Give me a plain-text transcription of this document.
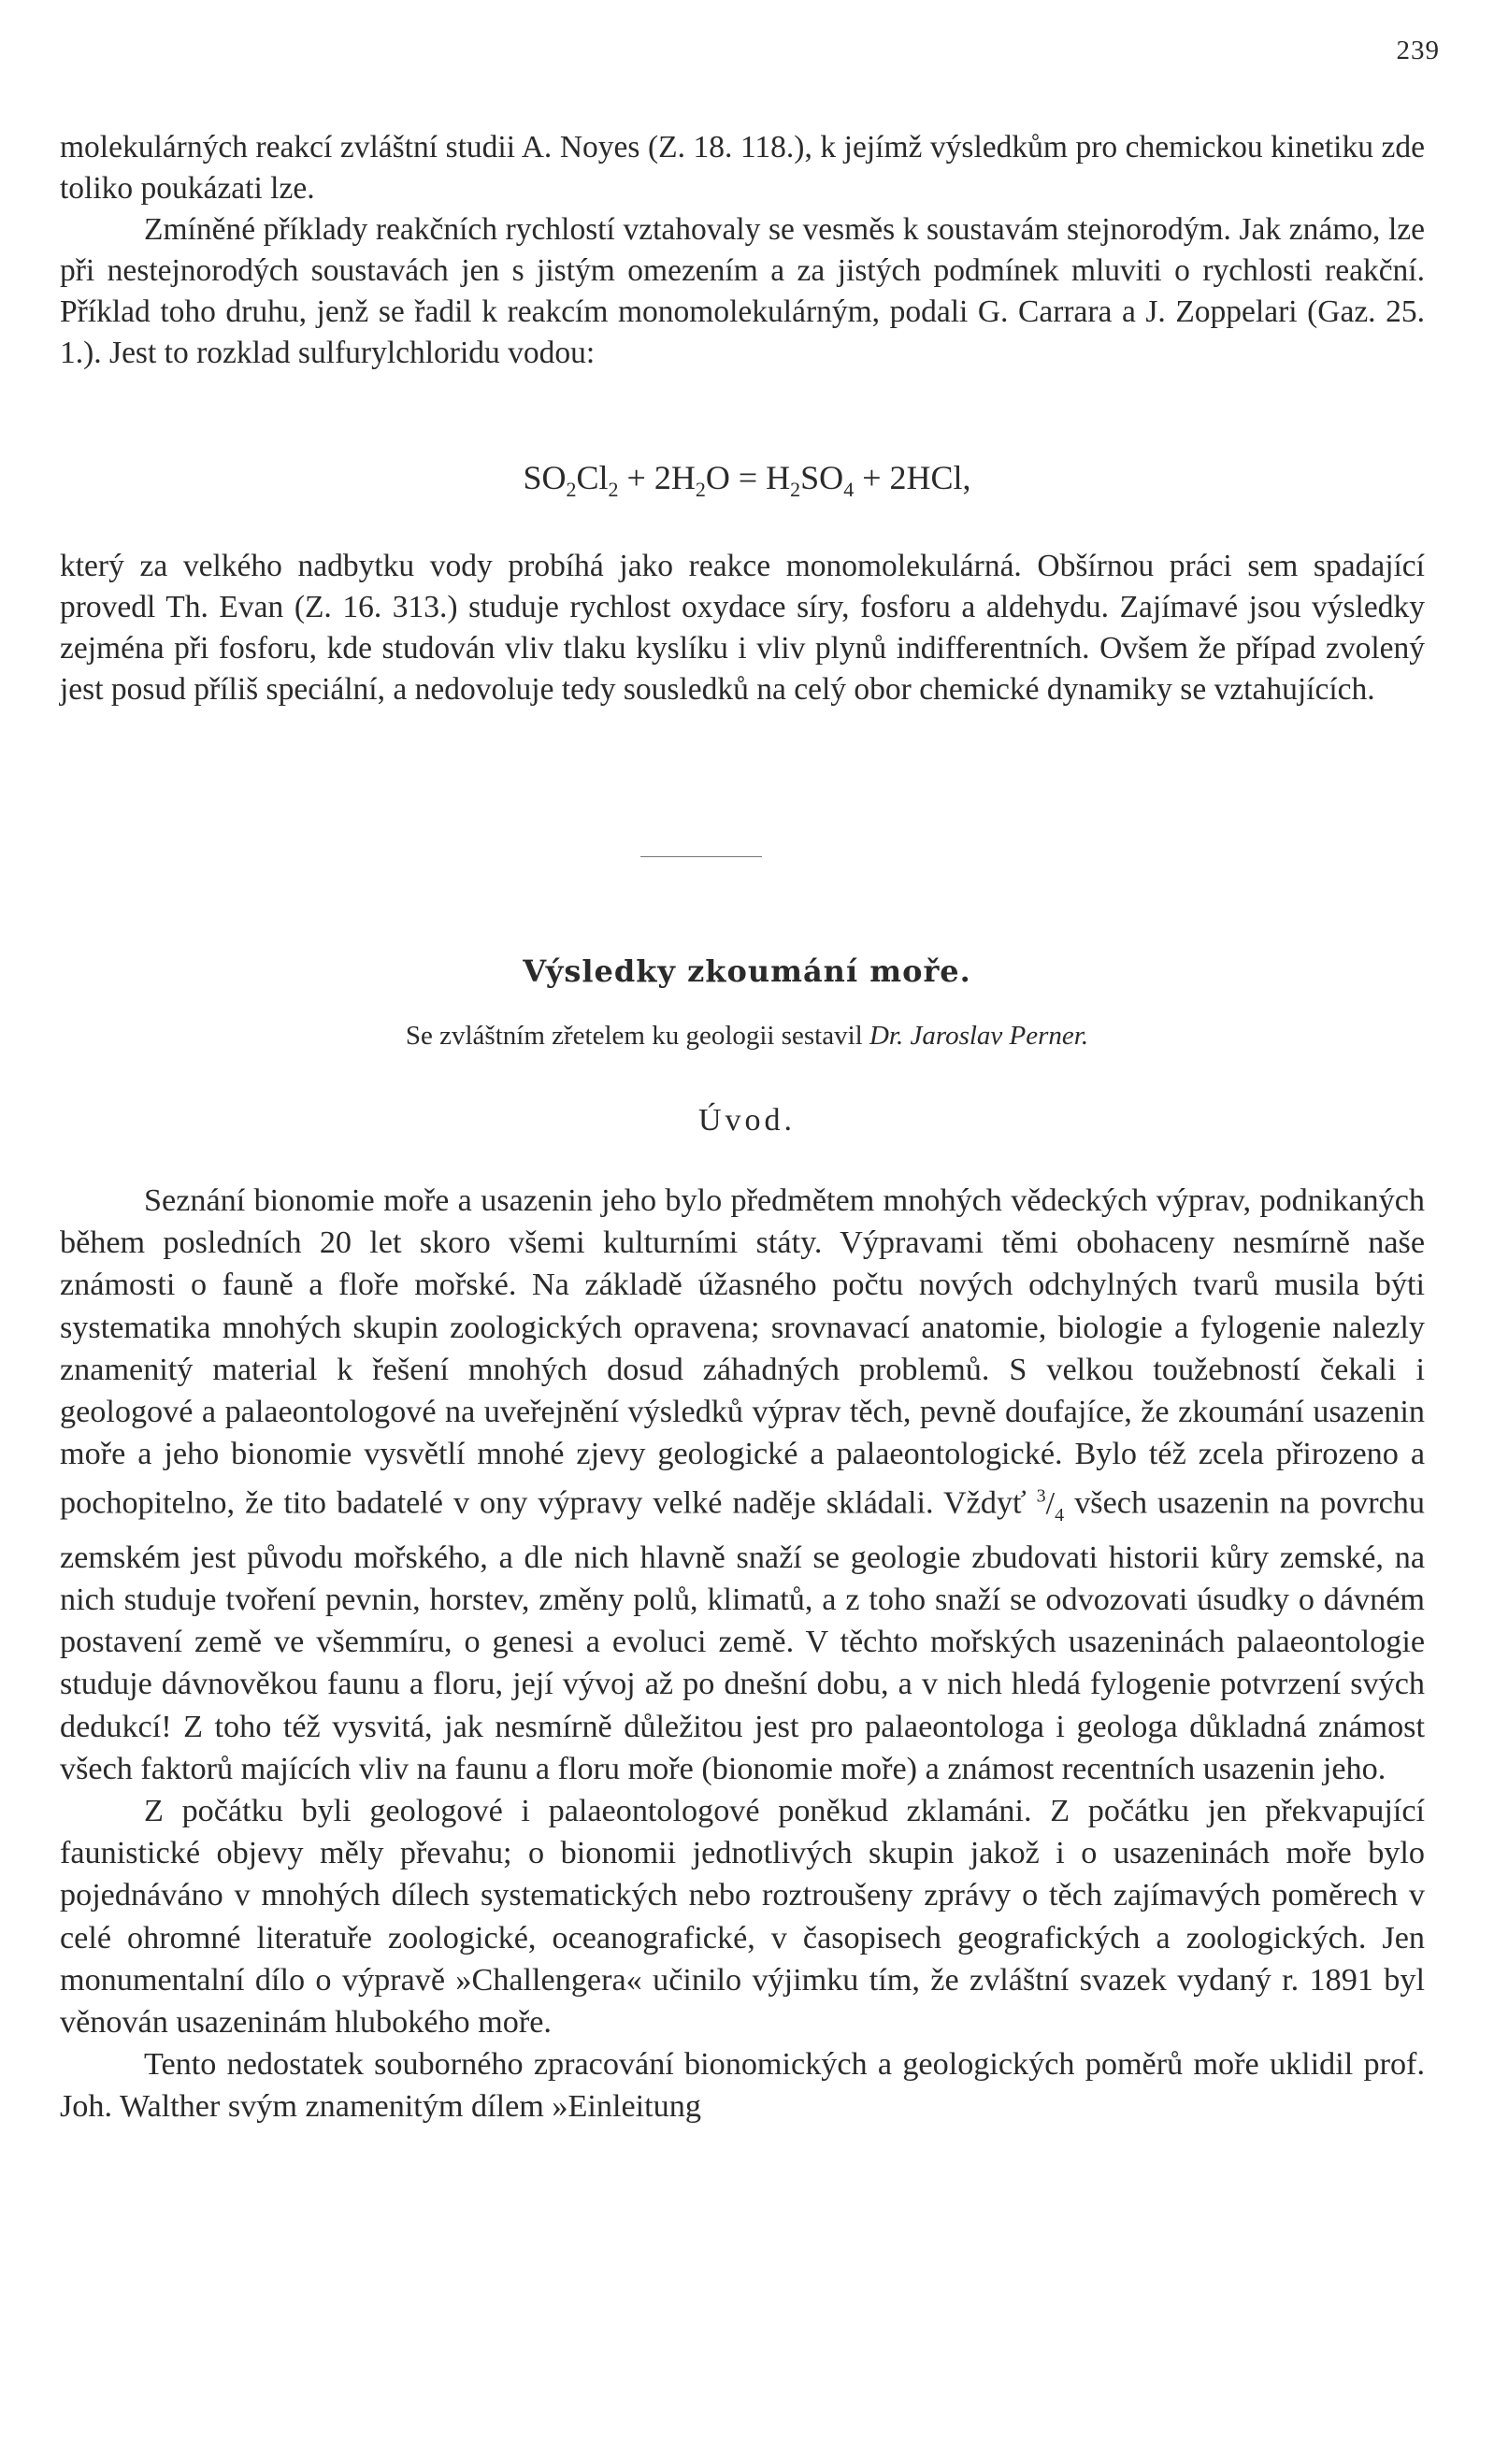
239

molekulárných reakcí zvláštní studii A. Noyes (Z. 18. 118.), k jejímž výsledkům pro chemickou kinetiku zde toliko poukázati lze.

Zmíněné příklady reakčních rychlostí vztahovaly se vesměs k soustavám stejnorodým. Jak známo, lze při nestejnorodých soustavách jen s jistým omezením a za jistých podmínek mluviti o rychlosti reakční. Příklad toho druhu, jenž se řadil k reakcím monomolekulárným, podali G. Carrara a J. Zoppelari (Gaz. 25. 1.). Jest to rozklad sulfurylchloridu vodou:

$SO_2Cl_2 + 2H_2O = H_2SO_4 + 2HCl$,

který za velkého nadbytku vody probíhá jako reakce monomolekulárná. Obšírnou práci sem spadající provedl Th. Evan (Z. 16. 313.) studuje rychlost oxydace síry, fosforu a aldehydu. Zajímavé jsou výsledky zejména při fosforu, kde studován vliv tlaku kyslíku i vliv plynů indifferentních. Ovšem že případ zvolený jest posud příliš speciální, a nedovoluje tedy sousledků na celý obor chemické dynamiky se vztahujících.

Výsledky zkoumání moře.
Se zvláštním zřetelem ku geologii sestavil Dr. Jaroslav Perner.
Úvod.

Seznání bionomie moře a usazenin jeho bylo předmětem mnohých vědeckých výprav, podnikaných během posledních 20 let skoro všemi kulturními státy. Výpravami těmi obohaceny nesmírně naše známosti o fauně a floře mořské. Na základě úžasného počtu nových odchylných tvarů musila býti systematika mnohých skupin zoologických opravena; srovnavací anatomie, biologie a fylogenie nalezly znamenitý material k řešení mnohých dosud záhadných problemů. S velkou toužebností čekali i geologové a palaeontologové na uveřejnění výsledků výprav těch, pevně doufajíce, že zkoumání usazenin moře a jeho bionomie vysvětlí mnohé zjevy geologické a palaeontologické. Bylo též zcela přirozeno a pochopitelno, že tito badatelé v ony výpravy velké naděje skládali. Vždyť $^3/_4$ všech usazenin na povrchu zemském jest původu mořského, a dle nich hlavně snaží se geologie zbudovati historii kůry zemské, na nich studuje tvoření pevnin, horstev, změny polů, klimatů, a z toho snaží se odvozovati úsudky o dávném postavení země ve všemmíru, o genesi a evoluci země. V těchto mořských usazeninách palaeontologie studuje dávnověkou faunu a floru, její vývoj až po dnešní dobu, a v nich hledá fylogenie potvrzení svých dedukcí! Z toho též vysvitá, jak nesmírně důležitou jest pro palaeontologa i geologa důkladná známost všech faktorů majících vliv na faunu a floru moře (bionomie moře) a známost recentních usazenin jeho.

Z počátku byli geologové i palaeontologové poněkud zklamáni. Z počátku jen překvapující faunistické objevy měly převahu; o bionomii jednotlivých skupin jakož i o usazeninách moře bylo pojednáváno v mnohých dílech systematických nebo roztroušeny zprávy o těch zajímavých poměrech v celé ohromné literatuře zoologické, oceanografické, v časopisech geografických a zoologických. Jen monumentalní dílo o výpravě »Challengera« učinilo výjimku tím, že zvláštní svazek vydaný r. 1891 byl věnován usazeninám hlubokého moře.

Tento nedostatek souborného zpracování bionomických a geologických poměrů moře uklidil prof. Joh. Walther svým znamenitým dílem »Einleitung
